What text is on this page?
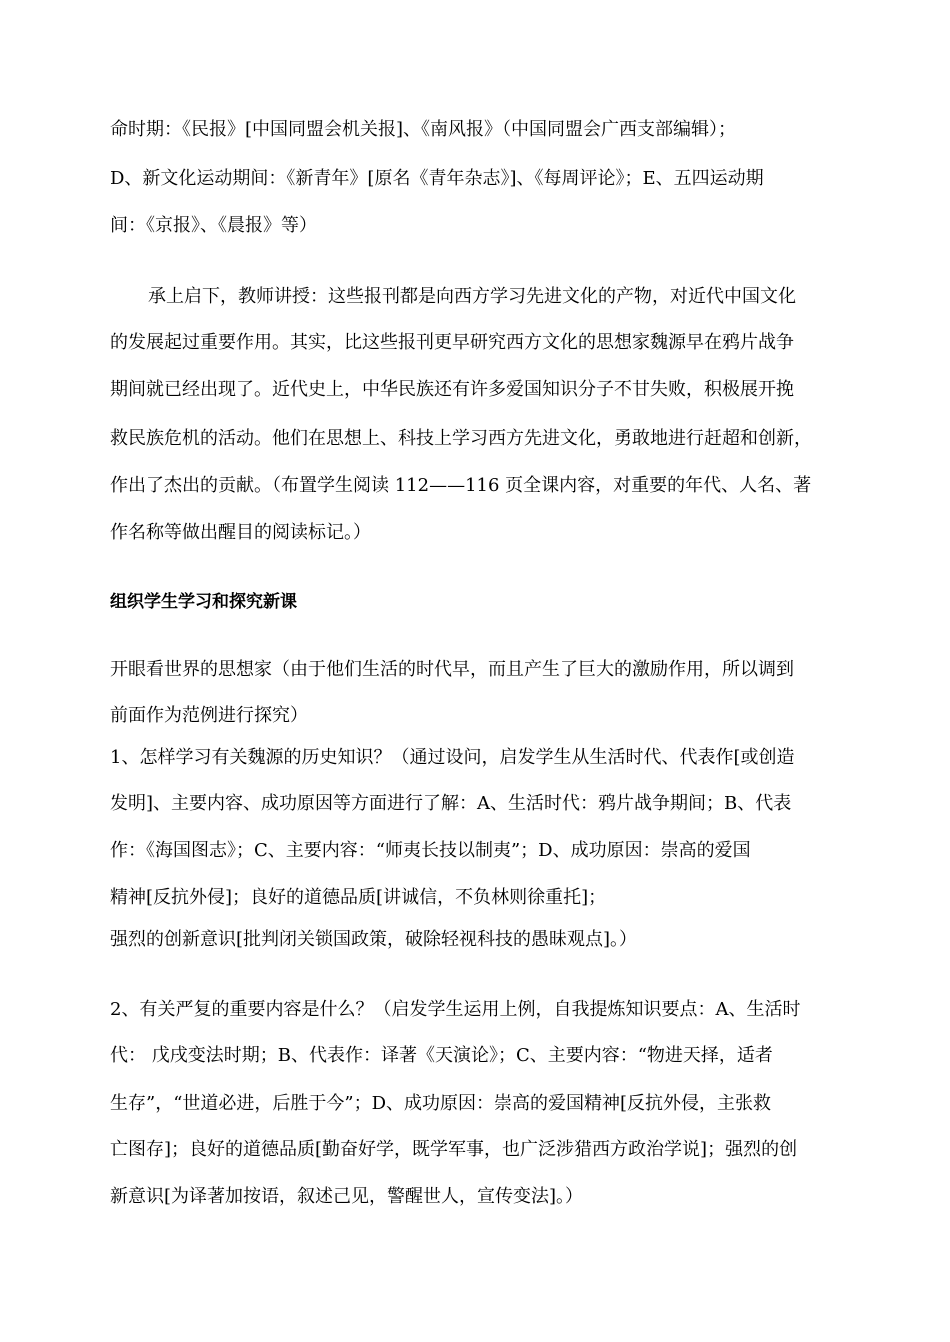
命时期：《民报》[中国同盟会机关报]、《南风报》（中国同盟会广西支部编辑）；
D、新文化运动期间：《新青年》[原名《青年杂志》]、《每周评论》；E、五四运动期
间：《京报》、《晨报》等）
承上启下，教师讲授：这些报刊都是向西方学习先进文化的产物，对近代中国文化
的发展起过重要作用。其实，比这些报刊更早研究西方文化的思想家魏源早在鸦片战争
期间就已经出现了。近代史上，中华民族还有许多爱国知识分子不甘失败，积极展开挽
救民族危机的活动。他们在思想上、科技上学习西方先进文化，勇敢地进行赶超和创新，
作出了杰出的贡献。（布置学生阅读 112——116 页全课内容，对重要的年代、人名、著
作名称等做出醒目的阅读标记。）
组织学生学习和探究新课
开眼看世界的思想家（由于他们生活的时代早，而且产生了巨大的激励作用，所以调到
前面作为范例进行探究）
1、怎样学习有关魏源的历史知识？（通过设问，启发学生从生活时代、代表作[或创造
发明]、主要内容、成功原因等方面进行了解：A、生活时代：鸦片战争期间；B、代表
作：《海国图志》；C、主要内容：“师夷长技以制夷”；D、成功原因：崇高的爱国
精神[反抗外侵]；良好的道德品质[讲诚信，不负林则徐重托]；
强烈的创新意识[批判闭关锁国政策，破除轻视科技的愚昧观点]。）
2、有关严复的重要内容是什么？（启发学生运用上例，自我提炼知识要点：A、生活时
代： 戊戌变法时期；B、代表作：译著《天演论》；C、主要内容：“物进天择，适者
生存”，“世道必进，后胜于今”；D、成功原因：崇高的爱国精神[反抗外侵，主张救
亡图存]；良好的道德品质[勤奋好学，既学军事，也广泛涉猎西方政治学说]；强烈的创
新意识[为译著加按语，叙述己见，警醒世人，宣传变法]。）
